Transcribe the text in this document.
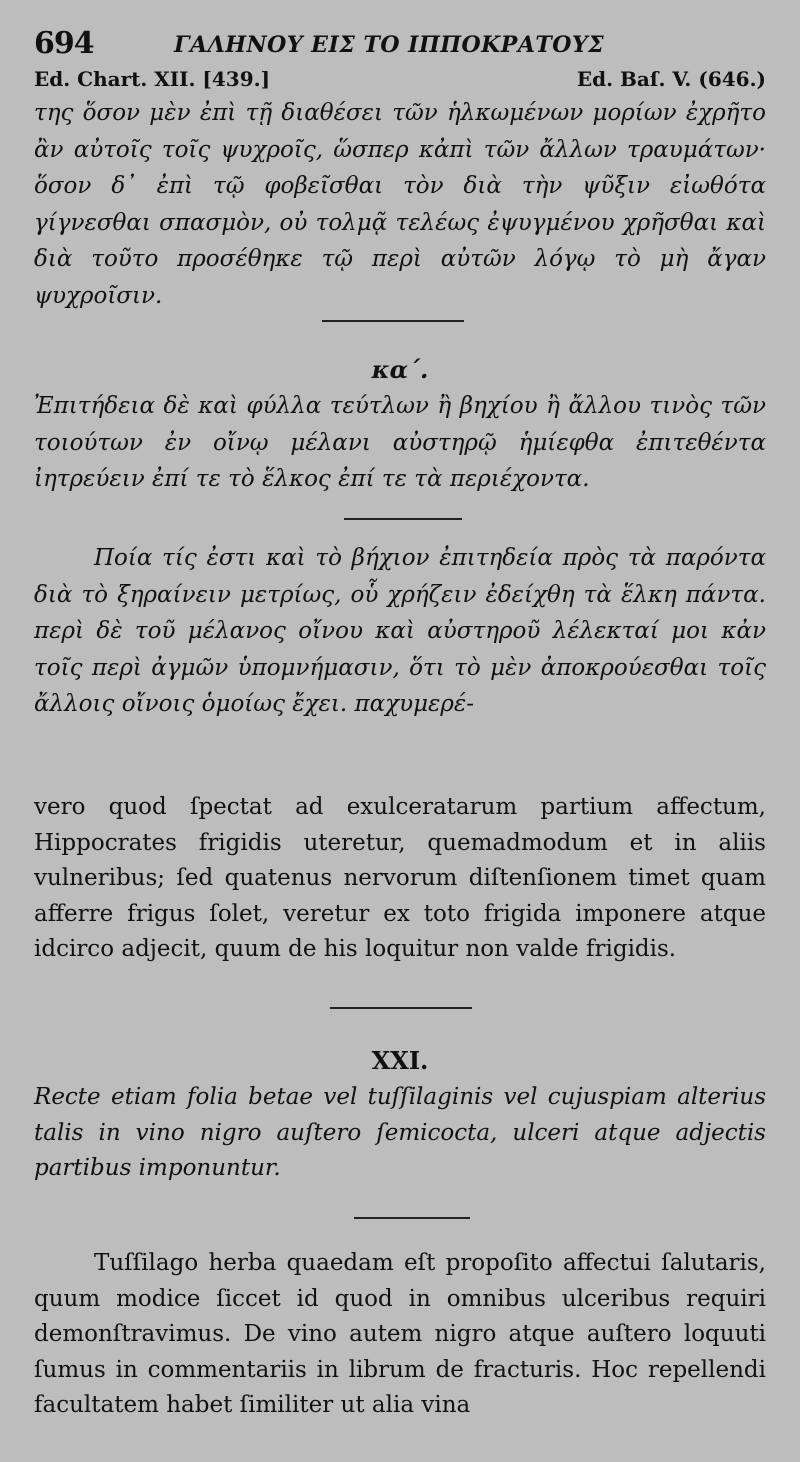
694	ΓΑΛΗΝΟΥ ΕΙΣ ΤΟ ΙΠΠΟΚΡΑΤΟΥΣ
Ed. Chart. XII. [439.]	Ed. Baſ. V. (646.)

της ὅσον μὲν ἐπὶ τῇ διαθέσει τῶν ἡλκωμένων μορίων ἐχρῆτο ἂν αὐτοῖς τοῖς ψυχροῖς, ὥσπερ κἀπὶ τῶν ἄλλων τραυμάτων· ὅσον δ᾽ ἐπὶ τῷ φοβεῖσθαι τὸν διὰ τὴν ψῦξιν εἰωθότα γίγνεσθαι σπασμὸν, οὐ τολμᾷ τελέως ἐψυγμένου χρῆσθαι καὶ διὰ τοῦτο προσέθηκε τῷ περὶ αὐτῶν λόγῳ τὸ μὴ ἄγαν ψυχροῖσιν.

κα΄.

Ἐπιτήδεια δὲ καὶ φύλλα τεύτλων ἢ βηχίου ἢ ἄλλου τινὸς τῶν τοιούτων ἐν οἴνῳ μέλανι αὐστηρῷ ἡμίεφθα ἐπιτεθέντα ἰητρεύειν ἐπί τε τὸ ἕλκος ἐπί τε τὰ περιέχοντα.

Ποία τίς ἐστι καὶ τὸ βήχιον ἐπιτηδεία πρὸς τὰ παρόντα διὰ τὸ ξηραίνειν μετρίως, οὗ χρήζειν ἐδείχθη τὰ ἕλκη πάντα. περὶ δὲ τοῦ μέλανος οἴνου καὶ αὐστηροῦ λέλεκταί μοι κἀν τοῖς περὶ ἀγμῶν ὑπομνήμασιν, ὅτι τὸ μὲν ἀποκρούεσθαι τοῖς ἄλλοις οἴνοις ὁμοίως ἔχει. παχυμερέ-

vero quod ſpectat ad exulceratarum partium affectum, Hippocrates frigidis uteretur, quemadmodum et in aliis vulneribus; ſed quatenus nervorum diſtenſionem timet quam afferre frigus ſolet, veretur ex toto frigida imponere atque idcirco adjecit, quum de his loquitur non valde frigidis.

XXI.

Recte etiam folia betae vel tuſſilaginis vel cujuspiam alterius talis in vino nigro auſtero ſemicocta, ulceri atque adjectis partibus imponuntur.

Tuſſilago herba quaedam eſt propoſito affectui ſalutaris, quum modice ſiccet id quod in omnibus ulceribus requiri demonſtravimus. De vino autem nigro atque auſtero loquuti ſumus in commentariis in librum de fracturis. Hoc repellendi facultatem habet ſimiliter ut alia vina
